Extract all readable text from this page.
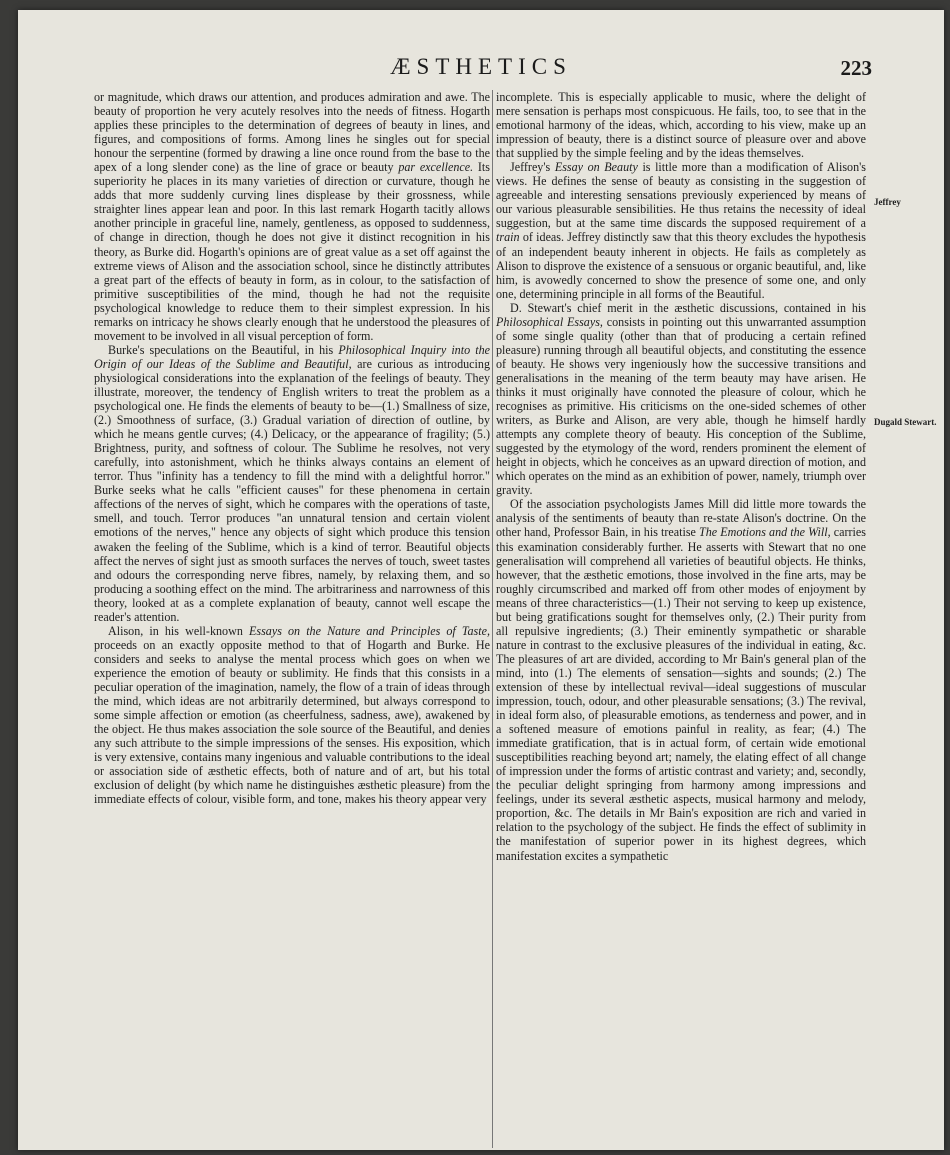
ÆSTHETICS	223

or magnitude, which draws our attention, and produces admiration and awe. The beauty of proportion he very acutely resolves into the needs of fitness. Hogarth applies these principles to the determination of degrees of beauty in lines, and figures, and compositions of forms. Among lines he singles out for special honour the serpentine (formed by drawing a line once round from the base to the apex of a long slender cone) as the line of grace or beauty par excellence. Its superiority he places in its many varieties of direction or curvature, though he adds that more suddenly curving lines displease by their grossness, while straighter lines appear lean and poor. In this last remark Hogarth tacitly allows another principle in graceful line, namely, gentleness, as opposed to suddenness, of change in direction, though he does not give it distinct recognition in his theory, as Burke did. Hogarth's opinions are of great value as a set off against the extreme views of Alison and the association school, since he distinctly attributes a great part of the effects of beauty in form, as in colour, to the satisfaction of primitive susceptibilities of the mind, though he had not the requisite psychological knowledge to reduce them to their simplest expression. In his remarks on intricacy he shows clearly enough that he understood the pleasures of movement to be involved in all visual perception of form.

Burke's speculations on the Beautiful, in his Philosophical Inquiry into the Origin of our Ideas of the Sublime and Beautiful, are curious as introducing physiological considerations into the explanation of the feelings of beauty. They illustrate, moreover, the tendency of English writers to treat the problem as a psychological one. He finds the elements of beauty to be—(1.) Smallness of size, (2.) Smoothness of surface, (3.) Gradual variation of direction of outline, by which he means gentle curves; (4.) Delicacy, or the appearance of fragility; (5.) Brightness, purity, and softness of colour. The Sublime he resolves, not very carefully, into astonishment, which he thinks always contains an element of terror. Thus "infinity has a tendency to fill the mind with a delightful horror." Burke seeks what he calls "efficient causes" for these phenomena in certain affections of the nerves of sight, which he compares with the operations of taste, smell, and touch. Terror produces "an unnatural tension and certain violent emotions of the nerves," hence any objects of sight which produce this tension awaken the feeling of the Sublime, which is a kind of terror. Beautiful objects affect the nerves of sight just as smooth surfaces the nerves of touch, sweet tastes and odours the corresponding nerve fibres, namely, by relaxing them, and so producing a soothing effect on the mind. The arbitrariness and narrowness of this theory, looked at as a complete explanation of beauty, cannot well escape the reader's attention.

Alison, in his well-known Essays on the Nature and Principles of Taste, proceeds on an exactly opposite method to that of Hogarth and Burke. He considers and seeks to analyse the mental process which goes on when we experience the emotion of beauty or sublimity. He finds that this consists in a peculiar operation of the imagination, namely, the flow of a train of ideas through the mind, which ideas are not arbitrarily determined, but always correspond to some simple affection or emotion (as cheerfulness, sadness, awe), awakened by the object. He thus makes association the sole source of the Beautiful, and denies any such attribute to the simple impressions of the senses. His exposition, which is very extensive, contains many ingenious and valuable contributions to the ideal or association side of æsthetic effects, both of nature and of art, but his total exclusion of delight (by which name he distinguishes æsthetic pleasure) from the immediate effects of colour, visible form, and tone, makes his theory appear very

incomplete. This is especially applicable to music, where the delight of mere sensation is perhaps most conspicuous. He fails, too, to see that in the emotional harmony of the ideas, which, according to his view, make up an impression of beauty, there is a distinct source of pleasure over and above that supplied by the simple feeling and by the ideas themselves.

Jeffrey's Essay on Beauty is little more than a modification of Alison's views. He defines the sense of beauty as consisting in the suggestion of agreeable and interesting sensations previously experienced by means of our various pleasurable sensibilities. He thus retains the necessity of ideal suggestion, but at the same time discards the supposed requirement of a train of ideas. Jeffrey distinctly saw that this theory excludes the hypothesis of an independent beauty inherent in objects. He fails as completely as Alison to disprove the existence of a sensuous or organic beautiful, and, like him, is avowedly concerned to show the presence of some one, and only one, determining principle in all forms of the Beautiful.

D. Stewart's chief merit in the æsthetic discussions, contained in his Philosophical Essays, consists in pointing out this unwarranted assumption of some single quality (other than that of producing a certain refined pleasure) running through all beautiful objects, and constituting the essence of beauty. He shows very ingeniously how the successive transitions and generalisations in the meaning of the term beauty may have arisen. He thinks it must originally have connoted the pleasure of colour, which he recognises as primitive. His criticisms on the one-sided schemes of other writers, as Burke and Alison, are very able, though he himself hardly attempts any complete theory of beauty. His conception of the Sublime, suggested by the etymology of the word, renders prominent the element of height in objects, which he conceives as an upward direction of motion, and which operates on the mind as an exhibition of power, namely, triumph over gravity.

Of the association psychologists James Mill did little more towards the analysis of the sentiments of beauty than re-state Alison's doctrine. On the other hand, Professor Bain, in his treatise The Emotions and the Will, carries this examination considerably further. He asserts with Stewart that no one generalisation will comprehend all varieties of beautiful objects. He thinks, however, that the æsthetic emotions, those involved in the fine arts, may be roughly circumscribed and marked off from other modes of enjoyment by means of three characteristics—(1.) Their not serving to keep up existence, but being gratifications sought for themselves only, (2.) Their purity from all repulsive ingredients; (3.) Their eminently sympathetic or sharable nature in contrast to the exclusive pleasures of the individual in eating, &c. The pleasures of art are divided, according to Mr Bain's general plan of the mind, into (1.) The elements of sensation—sights and sounds; (2.) The extension of these by intellectual revival—ideal suggestions of muscular impression, touch, odour, and other pleasurable sensations; (3.) The revival, in ideal form also, of pleasurable emotions, as tenderness and power, and in a softened measure of emotions painful in reality, as fear; (4.) The immediate gratification, that is in actual form, of certain wide emotional susceptibilities reaching beyond art; namely, the elating effect of all change of impression under the forms of artistic contrast and variety; and, secondly, the peculiar delight springing from harmony among impressions and feelings, under its several æsthetic aspects, musical harmony and melody, proportion, &c. The details in Mr Bain's exposition are rich and varied in relation to the psychology of the subject. He finds the effect of sublimity in the manifestation of superior power in its highest degrees, which manifestation excites a sympathetic

Jeffrey
Dugald Stewart.
